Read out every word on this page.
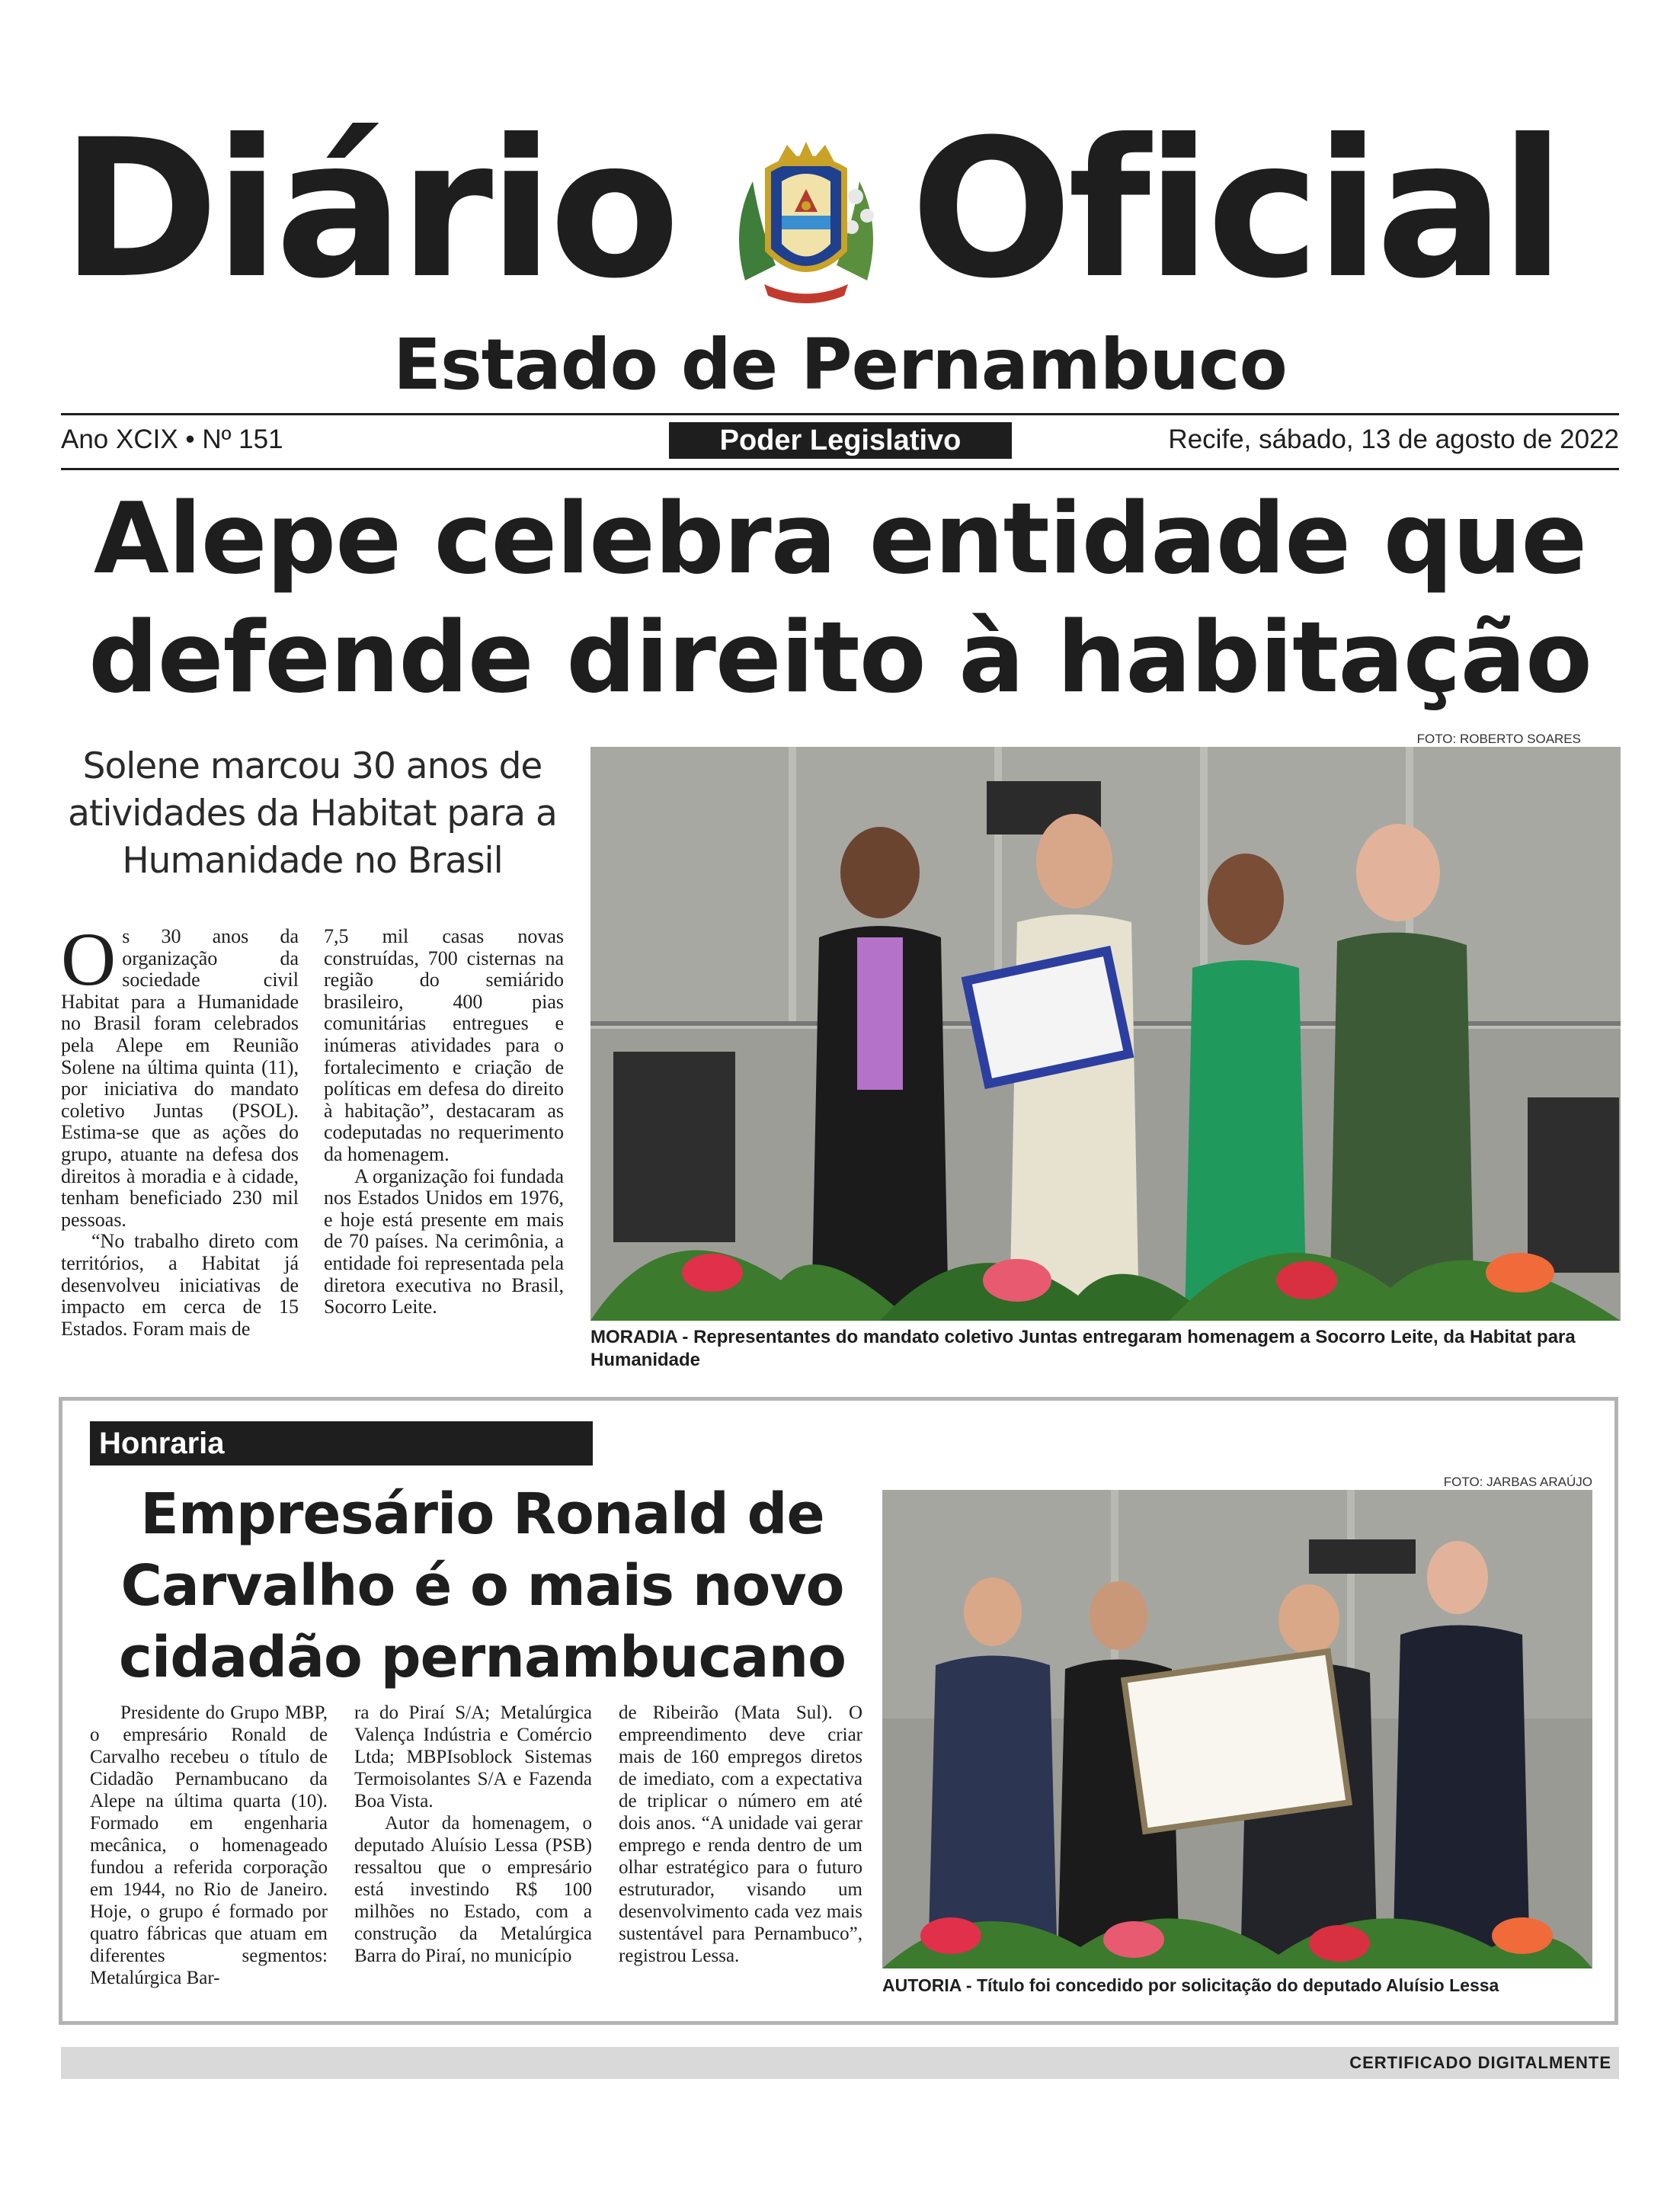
Diário Oficial
Estado de Pernambuco
Ano XCIX • Nº 151	Poder Legislativo	Recife, sábado, 13 de agosto de 2022
Alepe celebra entidade que
defende direito à habitação
Solene marcou 30 anos de atividades da Habitat para a Humanidade no Brasil

Os 30 anos da organização da sociedade civil Habitat para a Humanidade no Brasil foram celebrados pela Alepe em Reunião Solene na última quinta (11), por iniciativa do mandato coletivo Juntas (PSOL). Estima-se que as ações do grupo, atuante na defesa dos direitos à moradia e à cidade, tenham beneficiado 230 mil pessoas.

“No trabalho direto com territórios, a Habitat já desenvolveu iniciativas de impacto em cerca de 15 Estados. Foram mais de

7,5 mil casas novas construídas, 700 cisternas na região do semiárido brasileiro, 400 pias comunitárias entregues e inúmeras atividades para o fortalecimento e criação de políticas em defesa do direito à habitação”, destacaram as codeputadas no requerimento da homenagem.

A organização foi fundada nos Estados Unidos em 1976, e hoje está presente em mais de 70 países. Na cerimônia, a entidade foi representada pela diretora executiva no Brasil, Socorro Leite.

FOTO: ROBERTO SOARES
MORADIA - Representantes do mandato coletivo Juntas entregaram homenagem a Socorro Leite, da Habitat para Humanidade
Honraria
Empresário Ronald de
Carvalho é o mais novo
cidadão pernambucano

Presidente do Grupo MBP, o empresário Ronald de Carvalho recebeu o título de Cidadão Pernambucano da Alepe na última quarta (10). Formado em engenharia mecânica, o homenageado fundou a referida corporação em 1944, no Rio de Janeiro. Hoje, o grupo é formado por quatro fábricas que atuam em diferentes segmentos: Metalúrgica Bar-

ra do Piraí S/A; Metalúrgica Valença Indústria e Comércio Ltda; MBPIsoblock Sistemas Termoisolantes S/A e Fazenda Boa Vista.

Autor da homenagem, o deputado Aluísio Lessa (PSB) ressaltou que o empresário está investindo R$ 100 milhões no Estado, com a construção da Metalúrgica Barra do Piraí, no município

de Ribeirão (Mata Sul). O empreendimento deve criar mais de 160 empregos diretos de imediato, com a expectativa de triplicar o número em até dois anos. “A unidade vai gerar emprego e renda dentro de um olhar estratégico para o futuro estruturador, visando um desenvolvimento cada vez mais sustentável para Pernambuco”, registrou Lessa.

FOTO: JARBAS ARAÚJO
AUTORIA - Título foi concedido por solicitação do deputado Aluísio Lessa
CERTIFICADO DIGITALMENTE
